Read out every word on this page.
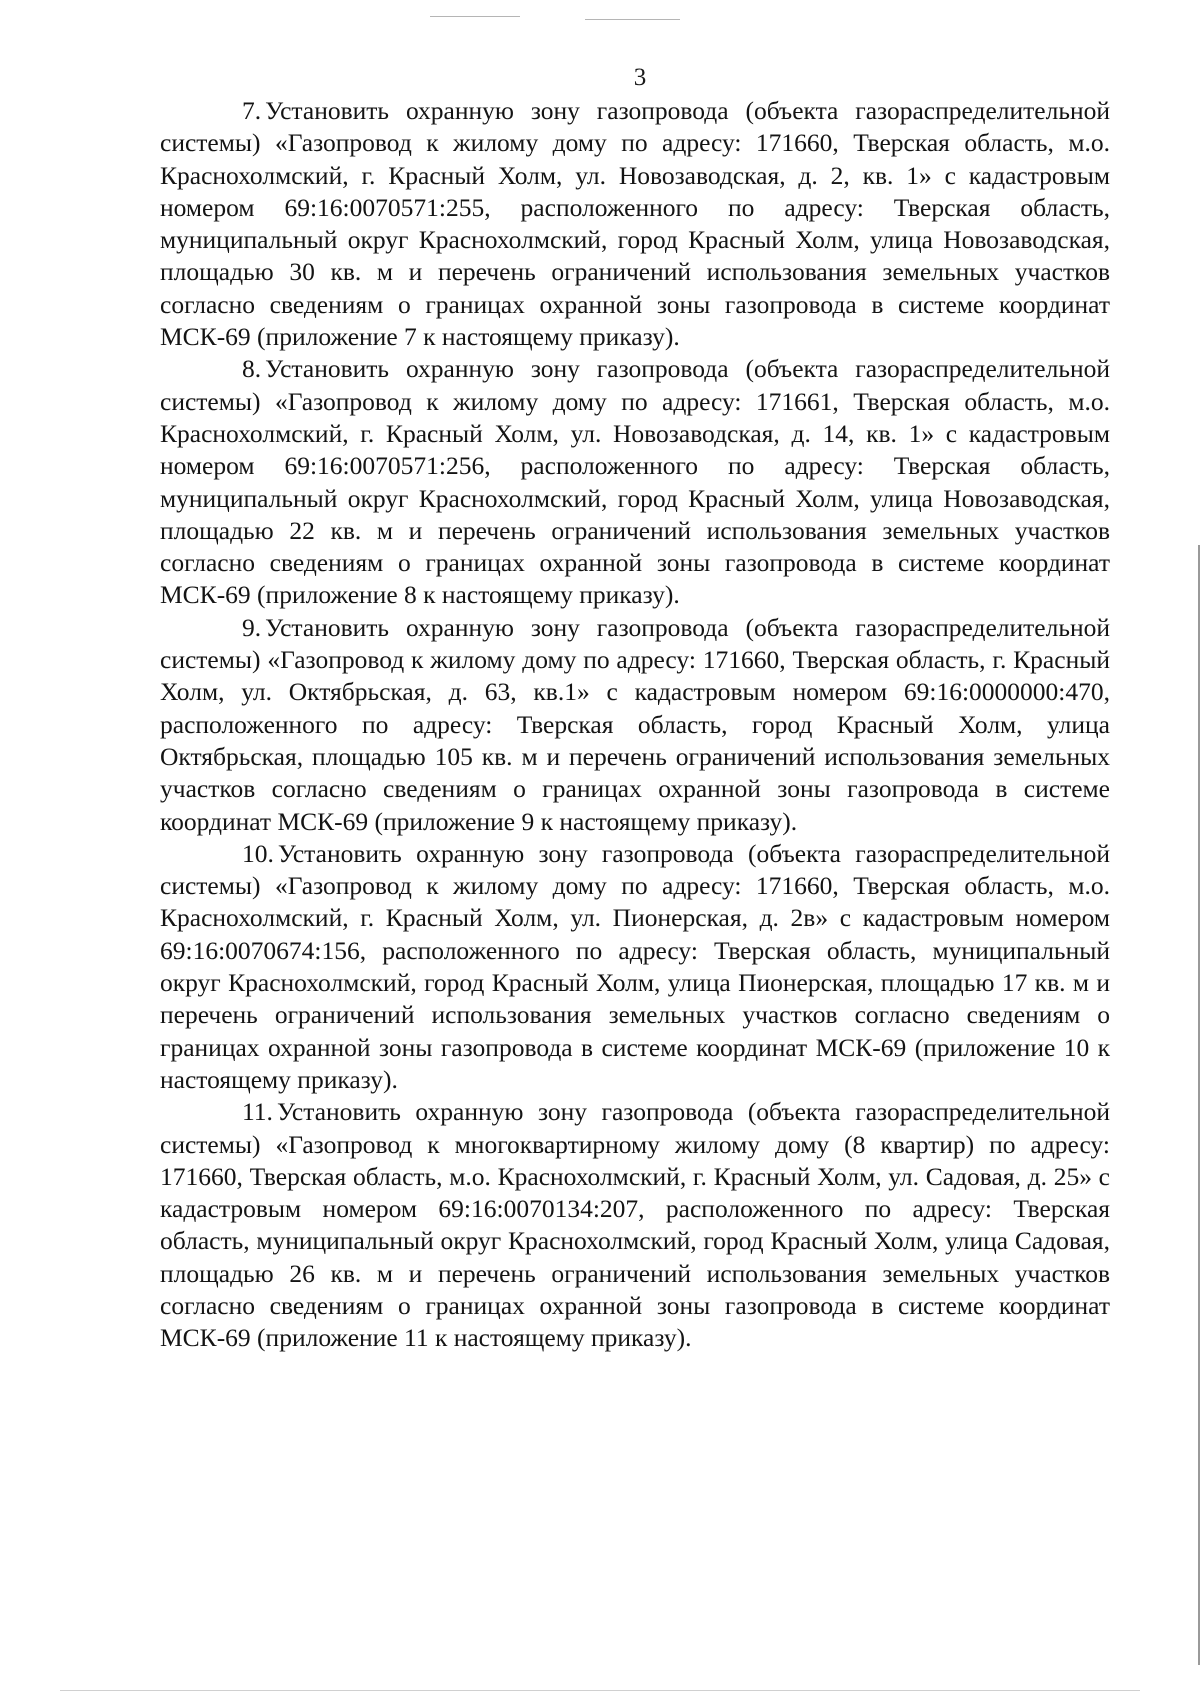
3

7. Установить охранную зону газопровода (объекта газораспределительной системы) «Газопровод к жилому дому по адресу: 171660, Тверская область, м.о. Краснохолмский, г. Красный Холм, ул. Новозаводская, д. 2, кв. 1» с кадастровым номером 69:16:0070571:255, расположенного по адресу: Тверская область, муниципальный округ Краснохолмский, город Красный Холм, улица Новозаводская, площадью 30 кв. м и перечень ограничений использования земельных участков согласно сведениям о границах охранной зоны газопровода в системе координат МСК-69 (приложение 7 к настоящему приказу).

8. Установить охранную зону газопровода (объекта газораспределительной системы) «Газопровод к жилому дому по адресу: 171661, Тверская область, м.о. Краснохолмский, г. Красный Холм, ул. Новозаводская, д. 14, кв. 1» с кадастровым номером 69:16:0070571:256, расположенного по адресу: Тверская область, муниципальный округ Краснохолмский, город Красный Холм, улица Новозаводская, площадью 22 кв. м и перечень ограничений использования земельных участков согласно сведениям о границах охранной зоны газопровода в системе координат МСК-69 (приложение 8 к настоящему приказу).

9. Установить охранную зону газопровода (объекта газораспределительной системы) «Газопровод к жилому дому по адресу: 171660, Тверская область, г. Красный Холм, ул. Октябрьская, д. 63, кв.1» с кадастровым номером 69:16:0000000:470, расположенного по адресу: Тверская область, город Красный Холм, улица Октябрьская, площадью 105 кв. м и перечень ограничений использования земельных участков согласно сведениям о границах охранной зоны газопровода в системе координат МСК-69 (приложение 9 к настоящему приказу).

10. Установить охранную зону газопровода (объекта газораспределительной системы) «Газопровод к жилому дому по адресу: 171660, Тверская область, м.о. Краснохолмский, г. Красный Холм, ул. Пионерская, д. 2в» с кадастровым номером 69:16:0070674:156, расположенного по адресу: Тверская область, муниципальный округ Краснохолмский, город Красный Холм, улица Пионерская, площадью 17 кв. м и перечень ограничений использования земельных участков согласно сведениям о границах охранной зоны газопровода в системе координат МСК-69 (приложение 10 к настоящему приказу).

11. Установить охранную зону газопровода (объекта газораспределительной системы) «Газопровод к многоквартирному жилому дому (8 квартир) по адресу: 171660, Тверская область, м.о. Краснохолмский, г. Красный Холм, ул. Садовая, д. 25» с кадастровым номером 69:16:0070134:207, расположенного по адресу: Тверская область, муниципальный округ Краснохолмский, город Красный Холм, улица Садовая, площадью 26 кв. м и перечень ограничений использования земельных участков согласно сведениям о границах охранной зоны газопровода в системе координат МСК-69 (приложение 11 к настоящему приказу).
